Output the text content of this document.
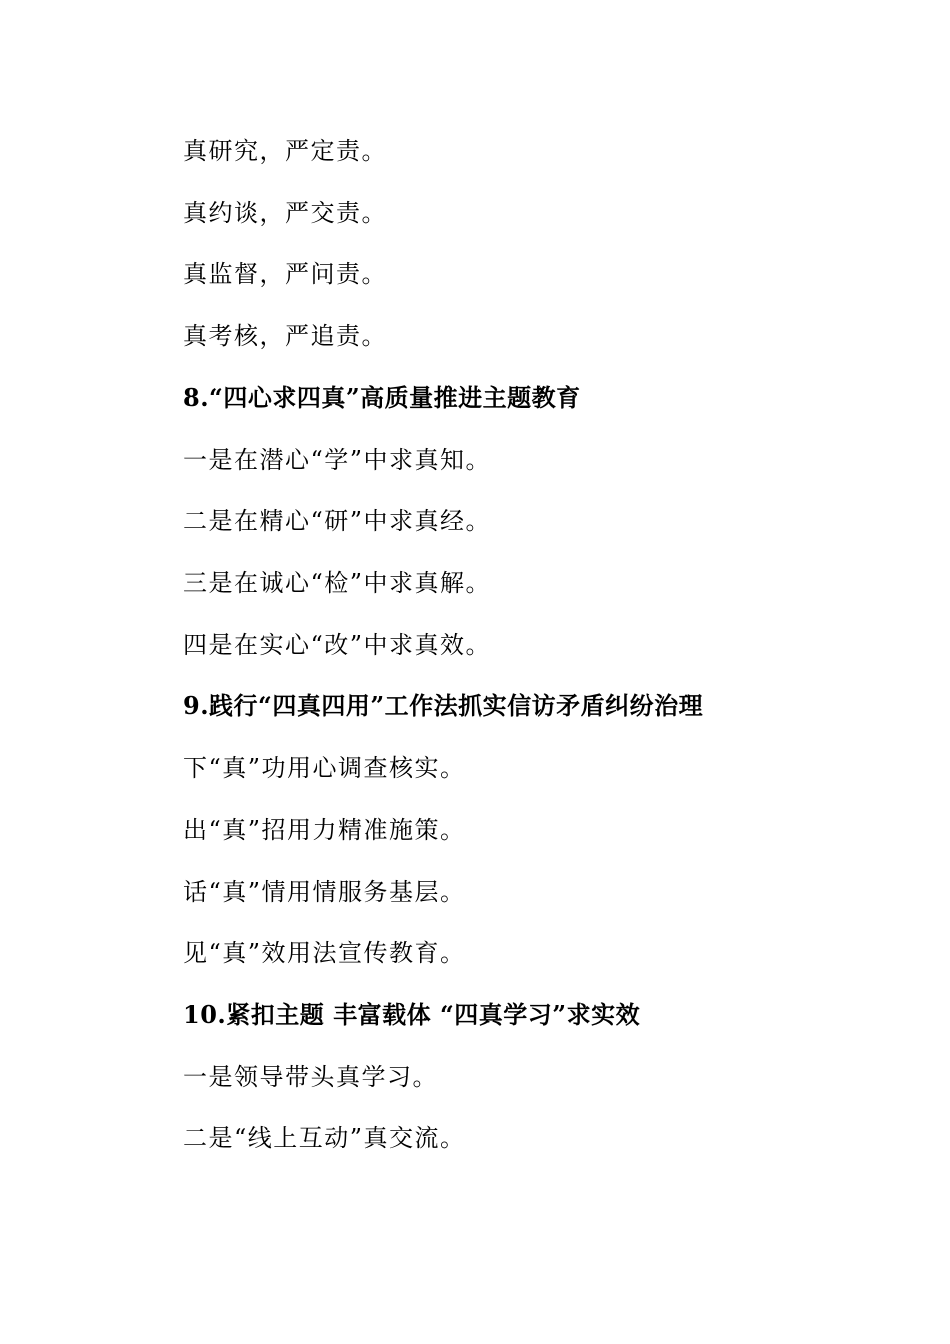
真研究，严定责。

真约谈，严交责。

真监督，严问责。

真考核，严追责。

8.“四心求四真”高质量推进主题教育

一是在潜心“学”中求真知。

二是在精心“研”中求真经。

三是在诚心“检”中求真解。

四是在实心“改”中求真效。

9.践行“四真四用”工作法抓实信访矛盾纠纷治理

下“真”功用心调查核实。

出“真”招用力精准施策。

话“真”情用情服务基层。

见“真”效用法宣传教育。

10.紧扣主题 丰富载体 “四真学习”求实效

一是领导带头真学习。

二是“线上互动”真交流。
